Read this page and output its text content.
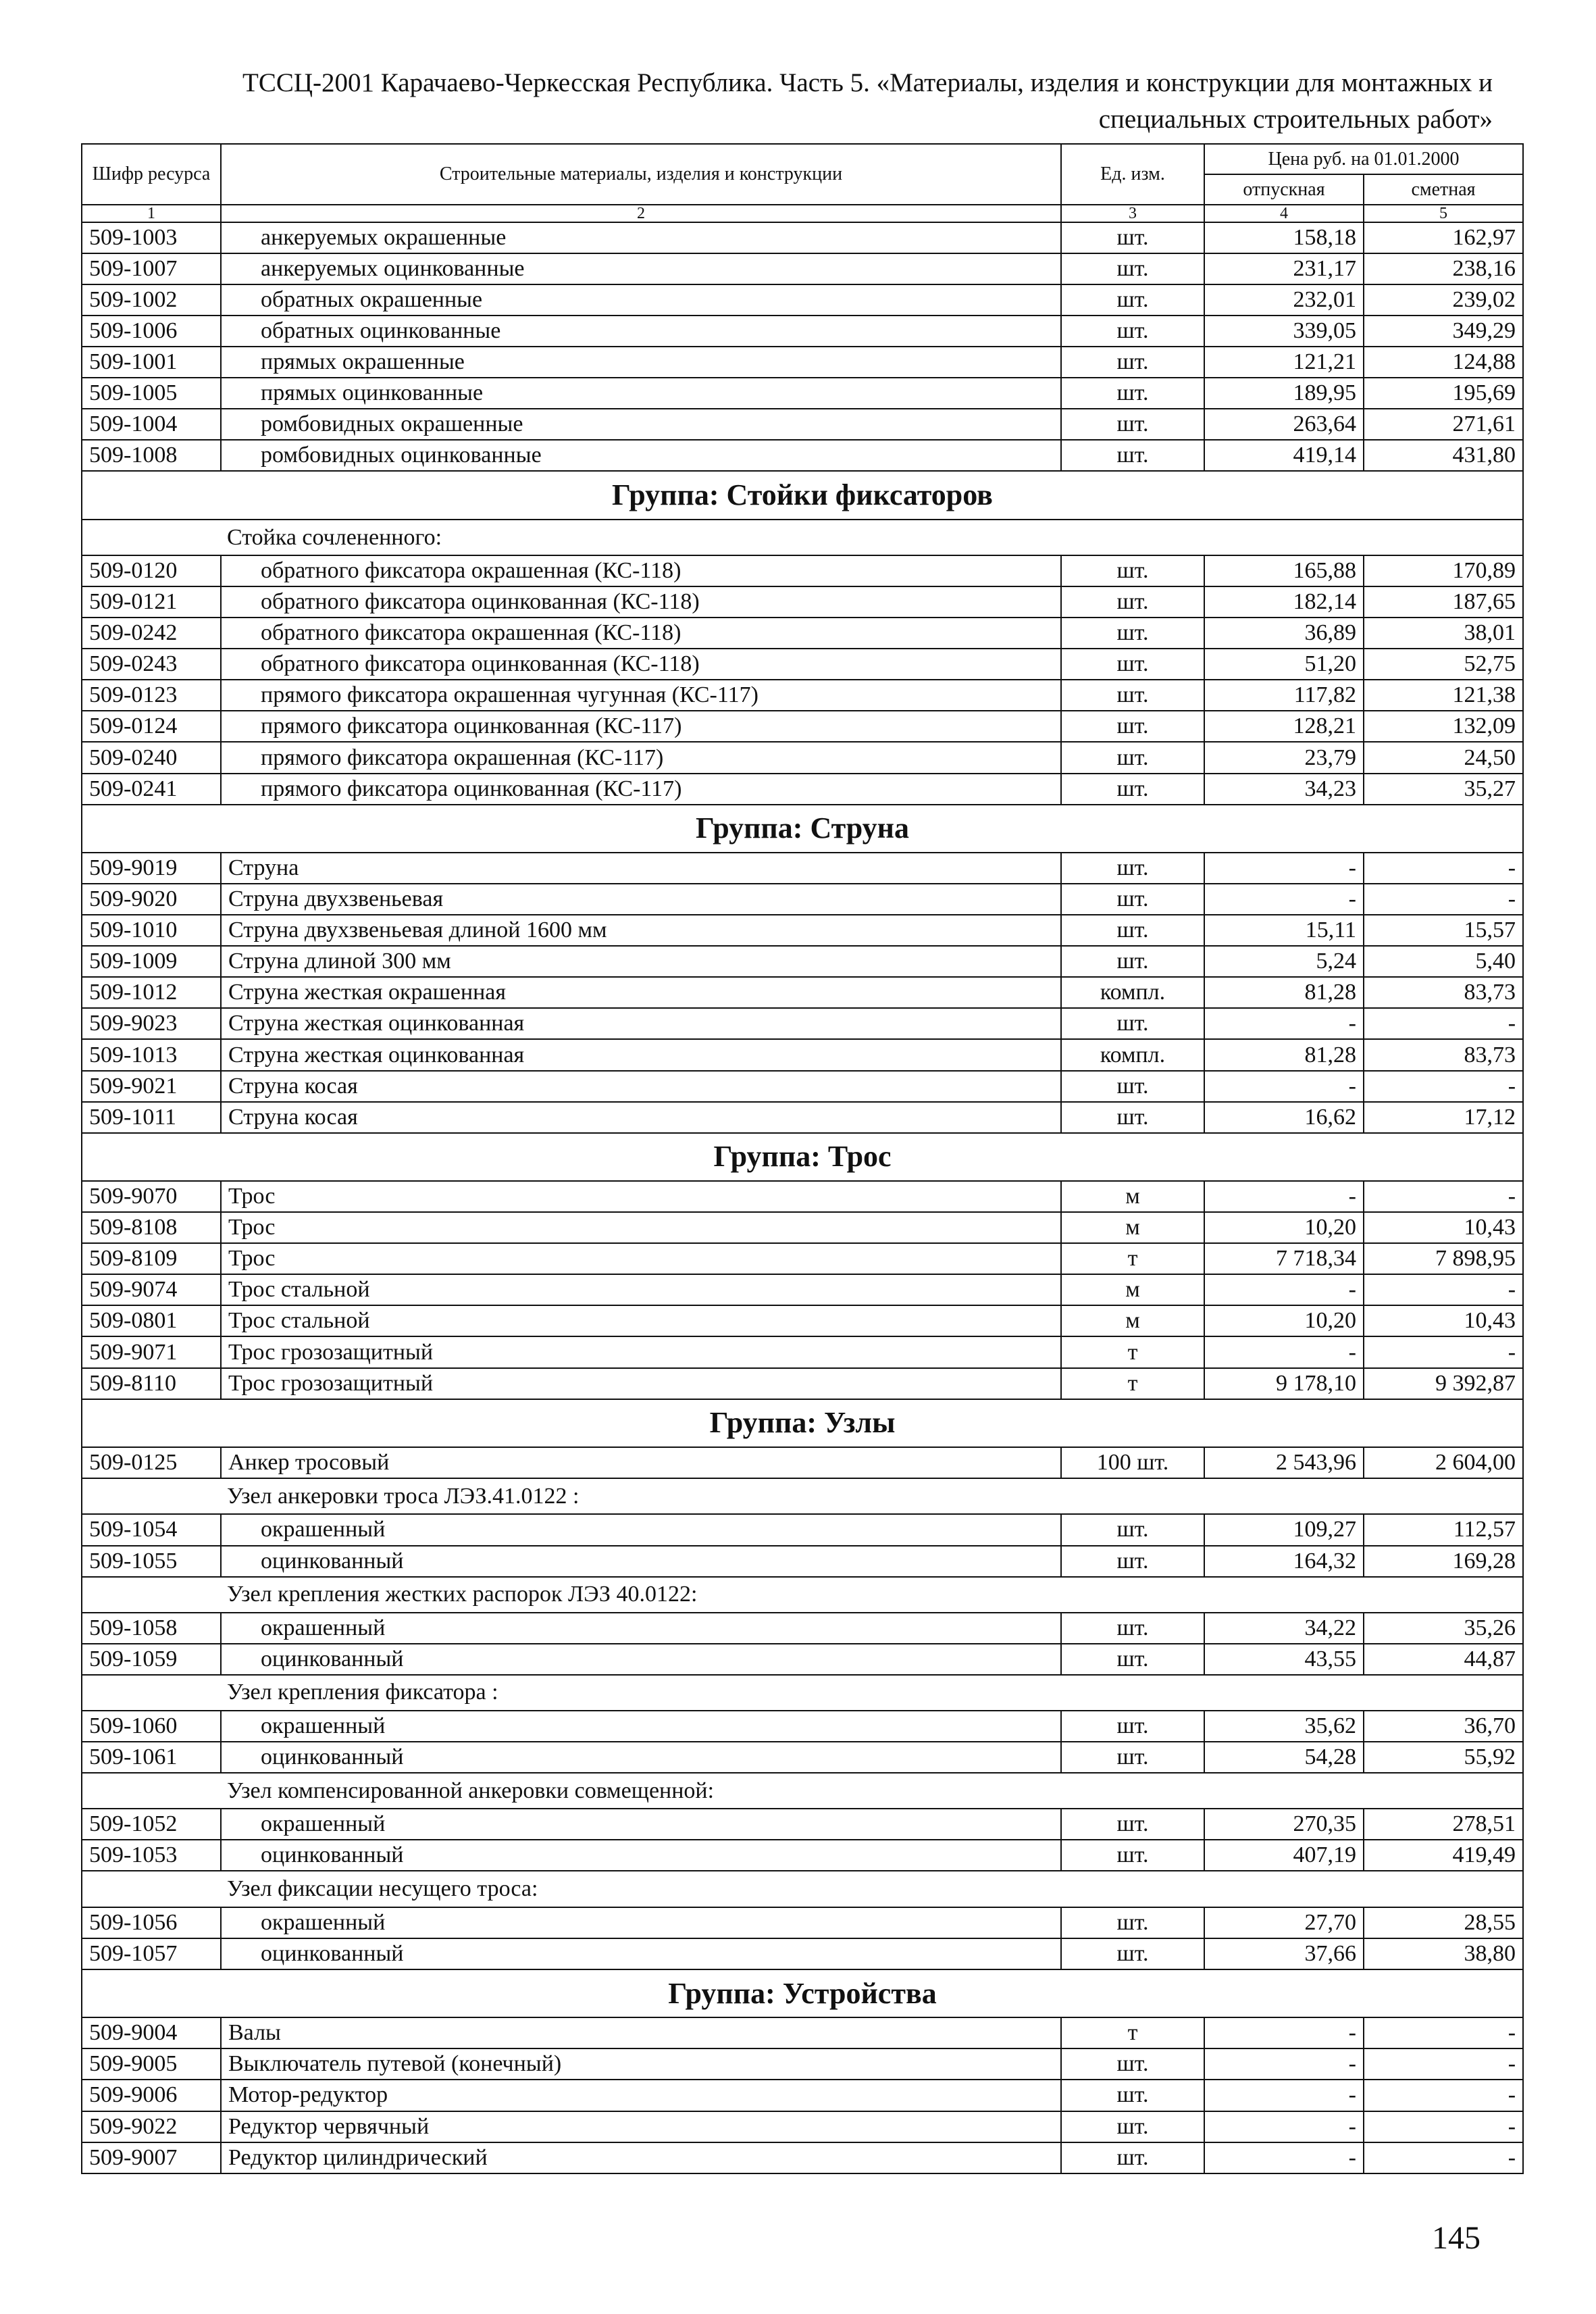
ТССЦ-2001 Карачаево-Черкесская Республика. Часть 5. «Материалы, изделия и конструкции для монтажных и
специальных строительных работ»
Шифр ресурса	Строительные материалы, изделия и конструкции	Ед. изм.	Цена руб. на 01.01.2000	
			отпускная	сметная
1	2	3	4	5
509-1003	анкеруемых окрашенные	шт.	158,18	162,97
509-1007	анкеруемых оцинкованные	шт.	231,17	238,16
509-1002	обратных окрашенные	шт.	232,01	239,02
509-1006	обратных оцинкованные	шт.	339,05	349,29
509-1001	прямых окрашенные	шт.	121,21	124,88
509-1005	прямых оцинкованные	шт.	189,95	195,69
509-1004	ромбовидных окрашенные	шт.	263,64	271,61
509-1008	ромбовидных оцинкованные	шт.	419,14	431,80
Группа: Стойки фиксаторов				
Стойка сочлененного:				
509-0120	обратного фиксатора окрашенная (КС-118)	шт.	165,88	170,89
509-0121	обратного фиксатора оцинкованная (КС-118)	шт.	182,14	187,65
509-0242	обратного фиксатора окрашенная (КС-118)	шт.	36,89	38,01
509-0243	обратного фиксатора оцинкованная (КС-118)	шт.	51,20	52,75
509-0123	прямого фиксатора окрашенная чугунная (КС-117)	шт.	117,82	121,38
509-0124	прямого фиксатора оцинкованная (КС-117)	шт.	128,21	132,09
509-0240	прямого фиксатора окрашенная (КС-117)	шт.	23,79	24,50
509-0241	прямого фиксатора оцинкованная (КС-117)	шт.	34,23	35,27
Группа: Струна				
509-9019	Струна	шт.	-	-
509-9020	Струна двухзвеньевая	шт.	-	-
509-1010	Струна двухзвеньевая длиной 1600 мм	шт.	15,11	15,57
509-1009	Струна длиной 300 мм	шт.	5,24	5,40
509-1012	Струна жесткая окрашенная	компл.	81,28	83,73
509-9023	Струна жесткая оцинкованная	шт.	-	-
509-1013	Струна жесткая оцинкованная	компл.	81,28	83,73
509-9021	Струна косая	шт.	-	-
509-1011	Струна косая	шт.	16,62	17,12
Группа: Трос				
509-9070	Трос	м	-	-
509-8108	Трос	м	10,20	10,43
509-8109	Трос	т	7 718,34	7 898,95
509-9074	Трос стальной	м	-	-
509-0801	Трос стальной	м	10,20	10,43
509-9071	Трос грозозащитный	т	-	-
509-8110	Трос грозозащитный	т	9 178,10	9 392,87
Группа: Узлы				
509-0125	Анкер тросовый	100 шт.	2 543,96	2 604,00
Узел анкеровки троса ЛЭЗ.41.0122 :				
509-1054	окрашенный	шт.	109,27	112,57
509-1055	оцинкованный	шт.	164,32	169,28
Узел крепления жестких распорок ЛЭЗ 40.0122:				
509-1058	окрашенный	шт.	34,22	35,26
509-1059	оцинкованный	шт.	43,55	44,87
Узел крепления фиксатора :				
509-1060	окрашенный	шт.	35,62	36,70
509-1061	оцинкованный	шт.	54,28	55,92
Узел компенсированной анкеровки совмещенной:				
509-1052	окрашенный	шт.	270,35	278,51
509-1053	оцинкованный	шт.	407,19	419,49
Узел фиксации несущего троса:				
509-1056	окрашенный	шт.	27,70	28,55
509-1057	оцинкованный	шт.	37,66	38,80
Группа: Устройства				
509-9004	Валы	т	-	-
509-9005	Выключатель путевой (конечный)	шт.	-	-
509-9006	Мотор-редуктор	шт.	-	-
509-9022	Редуктор червячный	шт.	-	-
509-9007	Редуктор цилиндрический	шт.	-	-
145
